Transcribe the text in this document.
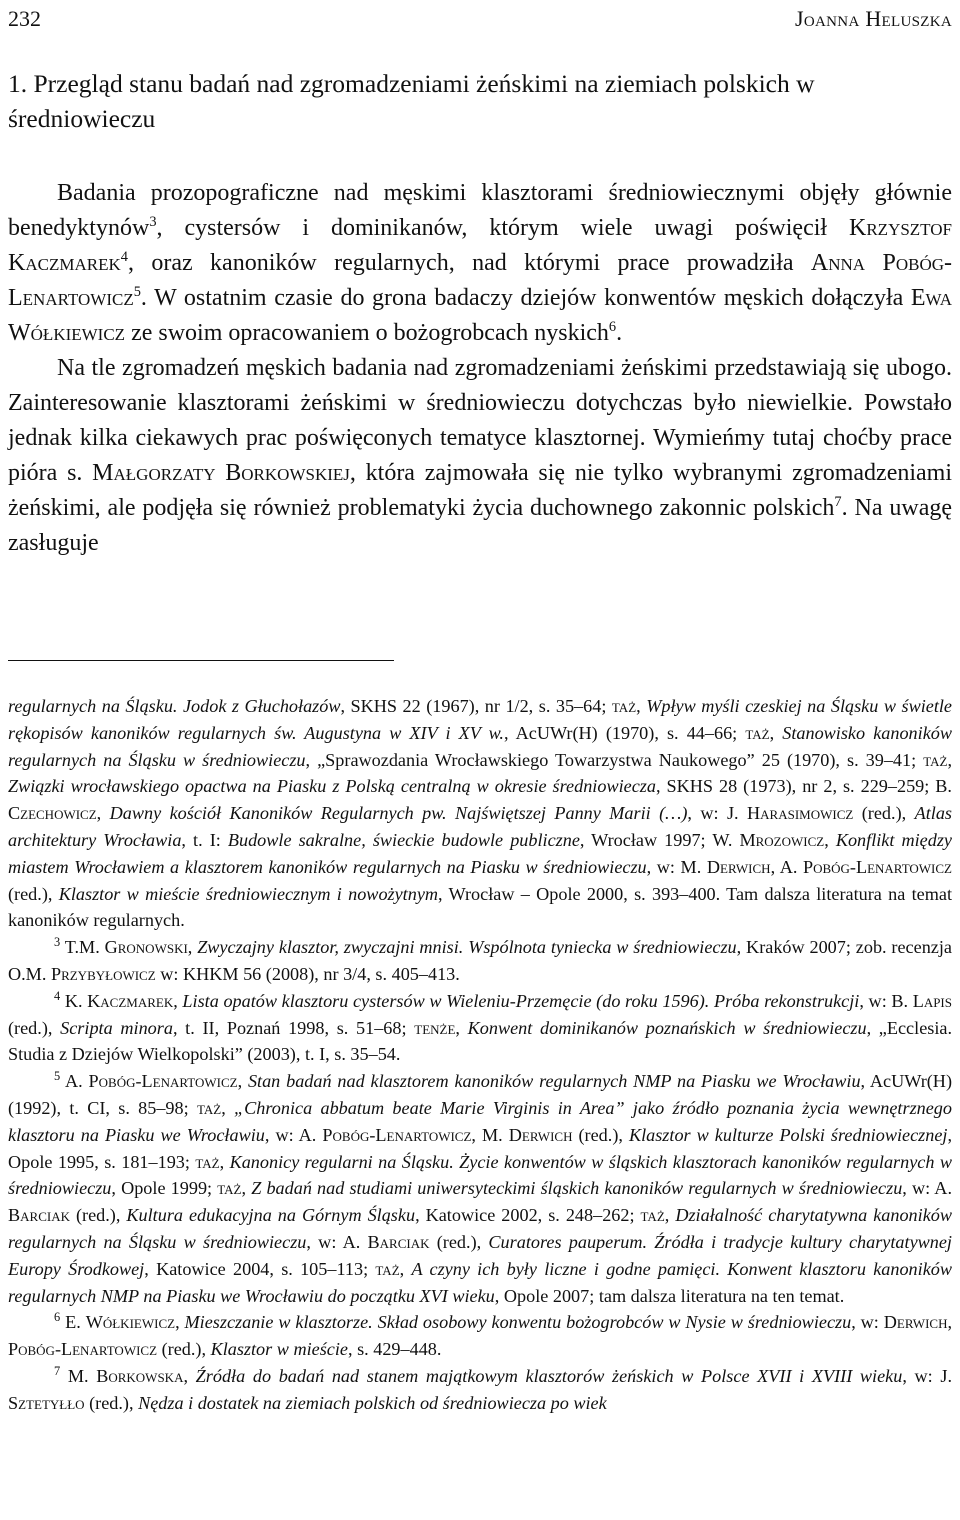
232	Joanna Heluszka
1. Przegląd stanu badań nad zgromadzeniami żeńskimi na ziemiach polskich w średniowieczu

Badania prozopograficzne nad męskimi klasztorami średniowiecznymi objęły głównie benedyktynów$^3$, cystersów i dominikanów, którym wiele uwagi poświęcił Krzysztof Kaczmarek$^4$, oraz kanoników regularnych, nad którymi prace prowadziła Anna Pobóg-Lenartowicz$^5$. W ostatnim czasie do grona badaczy dziejów konwentów męskich dołączyła Ewa Wółkiewicz ze swoim opracowaniem o bożogrobcach nyskich$^6$.

Na tle zgromadzeń męskich badania nad zgromadzeniami żeńskimi przedstawiają się ubogo. Zainteresowanie klasztorami żeńskimi w średniowieczu dotychczas było niewielkie. Powstało jednak kilka ciekawych prac poświęconych tematyce klasztornej. Wymieńmy tutaj choćby prace pióra s. Małgorzaty Borkowskiej, która zajmowała się nie tylko wybranymi zgromadzeniami żeńskimi, ale podjęła się również problematyki życia duchownego zakonnic polskich$^7$. Na uwagę zasługuje

regularnych na Śląsku. Jodok z Głuchołazów, SKHS 22 (1967), nr 1/2, s. 35–64; taż, Wpływ myśli czeskiej na Śląsku w świetle rękopisów kanoników regularnych św. Augustyna w XIV i XV w., AcUWr(H) (1970), s. 44–66; taż, Stanowisko kanoników regularnych na Śląsku w średniowieczu, „Sprawozdania Wrocławskiego Towarzystwa Naukowego” 25 (1970), s. 39–41; taż, Związki wrocławskiego opactwa na Piasku z Polską centralną w okresie średniowiecza, SKHS 28 (1973), nr 2, s. 229–259; B. Czechowicz, Dawny kościół Kanoników Regularnych pw. Najświętszej Panny Marii (…), w: J. Harasimowicz (red.), Atlas architektury Wrocławia, t. I: Budowle sakralne, świeckie budowle publiczne, Wrocław 1997; W. Mrozowicz, Konflikt między miastem Wrocławiem a klasztorem kanoników regularnych na Piasku w średniowieczu, w: M. Derwich, A. Pobóg-Lenartowicz (red.), Klasztor w mieście średniowiecznym i nowożytnym, Wrocław – Opole 2000, s. 393–400. Tam dalsza literatura na temat kanoników regularnych.

$^3$ T.M. Gronowski, Zwyczajny klasztor, zwyczajni mnisi. Wspólnota tyniecka w średniowieczu, Kraków 2007; zob. recenzja O.M. Przybyłowicz w: KHKM 56 (2008), nr 3/4, s. 405–413.

$^4$ K. Kaczmarek, Lista opatów klasztoru cystersów w Wieleniu-Przemęcie (do roku 1596). Próba rekonstrukcji, w: B. Lapis (red.), Scripta minora, t. II, Poznań 1998, s. 51–68; tenże, Konwent dominikanów poznańskich w średniowieczu, „Ecclesia. Studia z Dziejów Wielkopolski” (2003), t. I, s. 35–54.

$^5$ A. Pobóg-Lenartowicz, Stan badań nad klasztorem kanoników regularnych NMP na Piasku we Wrocławiu, AcUWr(H) (1992), t. CI, s. 85–98; taż, „Chronica abbatum beate Marie Virginis in Area” jako źródło poznania życia wewnętrznego klasztoru na Piasku we Wrocławiu, w: A. Pobóg-Lenartowicz, M. Derwich (red.), Klasztor w kulturze Polski średniowiecznej, Opole 1995, s. 181–193; taż, Kanonicy regularni na Śląsku. Życie konwentów w śląskich klasztorach kanoników regularnych w średniowieczu, Opole 1999; taż, Z badań nad studiami uniwersyteckimi śląskich kanoników regularnych w średniowieczu, w: A. Barciak (red.), Kultura edukacyjna na Górnym Śląsku, Katowice 2002, s. 248–262; taż, Działalność charytatywna kanoników regularnych na Śląsku w średniowieczu, w: A. Barciak (red.), Curatores pauperum. Źródła i tradycje kultury charytatywnej Europy Środkowej, Katowice 2004, s. 105–113; taż, A czyny ich były liczne i godne pamięci. Konwent klasztoru kanoników regularnych NMP na Piasku we Wrocławiu do początku XVI wieku, Opole 2007; tam dalsza literatura na ten temat.

$^6$ E. Wółkiewicz, Mieszczanie w klasztorze. Skład osobowy konwentu bożogrobców w Nysie w średniowieczu, w: Derwich, Pobóg-Lenartowicz (red.), Klasztor w mieście, s. 429–448.

$^7$ M. Borkowska, Źródła do badań nad stanem majątkowym klasztorów żeńskich w Polsce XVII i XVIII wieku, w: J. Sztetyłło (red.), Nędza i dostatek na ziemiach polskich od średniowiecza po wiek
